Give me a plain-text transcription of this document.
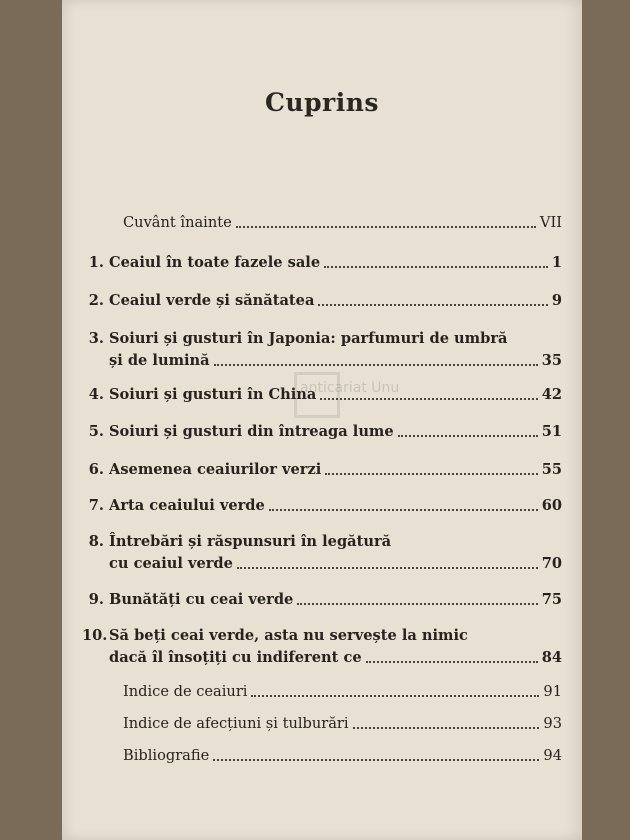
Cuprins
anticariat Unu
Cuvânt înainte	VII
1. Ceaiul în toate fazele sale	1
2. Ceaiul verde și sănătatea	9
3. Soiuri și gusturi în Japonia: parfumuri de umbră
și de lumină	35
4. Soiuri și gusturi în China	42
5. Soiuri și gusturi din întreaga lume	51
6. Asemenea ceaiurilor verzi	55
7. Arta ceaiului verde	60
8. Întrebări și răspunsuri în legătură
cu ceaiul verde	70
9. Bunătăți cu ceai verde	75
10. Să beți ceai verde, asta nu servește la nimic
dacă îl însoțiți cu indiferent ce	84
Indice de ceaiuri	91
Indice de afecțiuni și tulburări	93
Bibliografie	94
